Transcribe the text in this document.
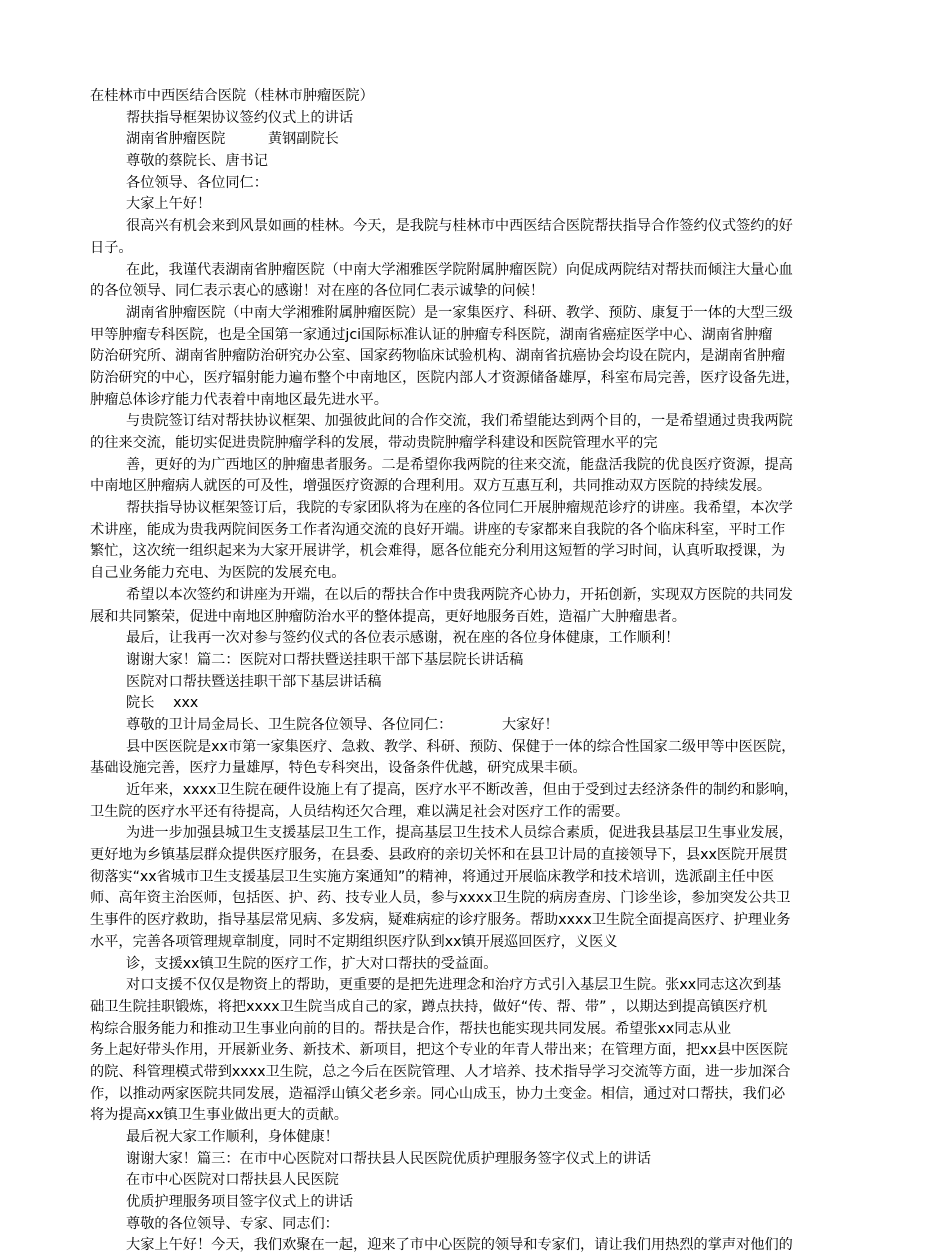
在桂林市中西医结合医院（桂林市肿瘤医院）
帮扶指导框架协议签约仪式上的讲话
湖南省肿瘤医院　　　黄钢副院长
尊敬的蔡院长、唐书记
各位领导、各位同仁：
大家上午好！
很高兴有机会来到风景如画的桂林。今天，是我院与桂林市中西医结合医院帮扶指导合作签约仪式签约的好
日子。
在此，我谨代表湖南省肿瘤医院（中南大学湘雅医学院附属肿瘤医院）向促成两院结对帮扶而倾注大量心血
的各位领导、同仁表示衷心的感谢！对在座的各位同仁表示诚挚的问候！
湖南省肿瘤医院（中南大学湘雅附属肿瘤医院）是一家集医疗、科研、教学、预防、康复于一体的大型三级
甲等肿瘤专科医院，也是全国第一家通过jci国际标准认证的肿瘤专科医院，湖南省癌症医学中心、湖南省肿瘤
防治研究所、湖南省肿瘤防治研究办公室、国家药物临床试验机构、湖南省抗癌协会均设在院内，是湖南省肿瘤
防治研究的中心，医疗辐射能力遍布整个中南地区，医院内部人才资源储备雄厚，科室布局完善，医疗设备先进，
肿瘤总体诊疗能力代表着中南地区最先进水平。
与贵院签订结对帮扶协议框架、加强彼此间的合作交流，我们希望能达到两个目的，一是希望通过贵我两院
的往来交流，能切实促进贵院肿瘤学科的发展，带动贵院肿瘤学科建设和医院管理水平的完
善，更好的为广西地区的肿瘤患者服务。二是希望你我两院的往来交流，能盘活我院的优良医疗资源，提高
中南地区肿瘤病人就医的可及性，增强医疗资源的合理利用。双方互惠互利，共同推动双方医院的持续发展。
帮扶指导协议框架签订后，我院的专家团队将为在座的各位同仁开展肿瘤规范诊疗的讲座。我希望，本次学
术讲座，能成为贵我两院间医务工作者沟通交流的良好开端。讲座的专家都来自我院的各个临床科室，平时工作
繁忙，这次统一组织起来为大家开展讲学，机会难得，愿各位能充分利用这短暂的学习时间，认真听取授课，为
自己业务能力充电、为医院的发展充电。
希望以本次签约和讲座为开端，在以后的帮扶合作中贵我两院齐心协力，开拓创新，实现双方医院的共同发
展和共同繁荣，促进中南地区肿瘤防治水平的整体提高，更好地服务百姓，造福广大肿瘤患者。
最后，让我再一次对参与签约仪式的各位表示感谢，祝在座的各位身体健康，工作顺利！
谢谢大家！篇二：医院对口帮扶暨送挂职干部下基层院长讲话稿
医院对口帮扶暨送挂职干部下基层讲话稿
院长　 xxx
尊敬的卫计局金局长、卫生院各位领导、各位同仁：　　　　大家好！
县中医医院是xx市第一家集医疗、急救、教学、科研、预防、保健于一体的综合性国家二级甲等中医医院，
基础设施完善，医疗力量雄厚，特色专科突出，设备条件优越，研究成果丰硕。
近年来，xxxx卫生院在硬件设施上有了提高，医疗水平不断改善，但由于受到过去经济条件的制约和影响，
卫生院的医疗水平还有待提高，人员结构还欠合理，难以满足社会对医疗工作的需要。
为进一步加强县城卫生支援基层卫生工作，提高基层卫生技术人员综合素质，促进我县基层卫生事业发展，
更好地为乡镇基层群众提供医疗服务，在县委、县政府的亲切关怀和在县卫计局的直接领导下，县xx医院开展贯
彻落实“xx省城市卫生支援基层卫生实施方案通知”的精神，将通过开展临床教学和技术培训，选派副主任中医
师、高年资主治医师，包括医、护、药、技专业人员，参与xxxx卫生院的病房查房、门诊坐诊，参加突发公共卫
生事件的医疗救助，指导基层常见病、多发病，疑难病症的诊疗服务。帮助xxxx卫生院全面提高医疗、护理业务
水平，完善各项管理规章制度，同时不定期组织医疗队到xx镇开展巡回医疗，义医义
诊，支援xx镇卫生院的医疗工作，扩大对口帮扶的受益面。
对口支援不仅仅是物资上的帮助，更重要的是把先进理念和治疗方式引入基层卫生院。张xx同志这次到基
础卫生院挂职锻炼，将把xxxx卫生院当成自己的家，蹲点扶持，做好“传、帮、带” ，以期达到提高镇医疗机
构综合服务能力和推动卫生事业向前的目的。帮扶是合作，帮扶也能实现共同发展。希望张xx同志从业
务上起好带头作用，开展新业务、新技术、新项目，把这个专业的年青人带出来；在管理方面，把xx县中医医院
的院、科管理模式带到xxxx卫生院，总之今后在医院管理、人才培养、技术指导学习交流等方面，进一步加深合
作，以推动两家医院共同发展，造福浮山镇父老乡亲。同心山成玉，协力土变金。相信，通过对口帮扶，我们必
将为提高xx镇卫生事业做出更大的贡献。
最后祝大家工作顺利，身体健康！
谢谢大家！篇三：在市中心医院对口帮扶县人民医院优质护理服务签字仪式上的讲话
在市中心医院对口帮扶县人民医院
优质护理服务项目签字仪式上的讲话
尊敬的各位领导、专家、同志们：
大家上午好！今天，我们欢聚在一起，迎来了市中心医院的领导和专家们，请让我们用热烈的掌声对他们的
